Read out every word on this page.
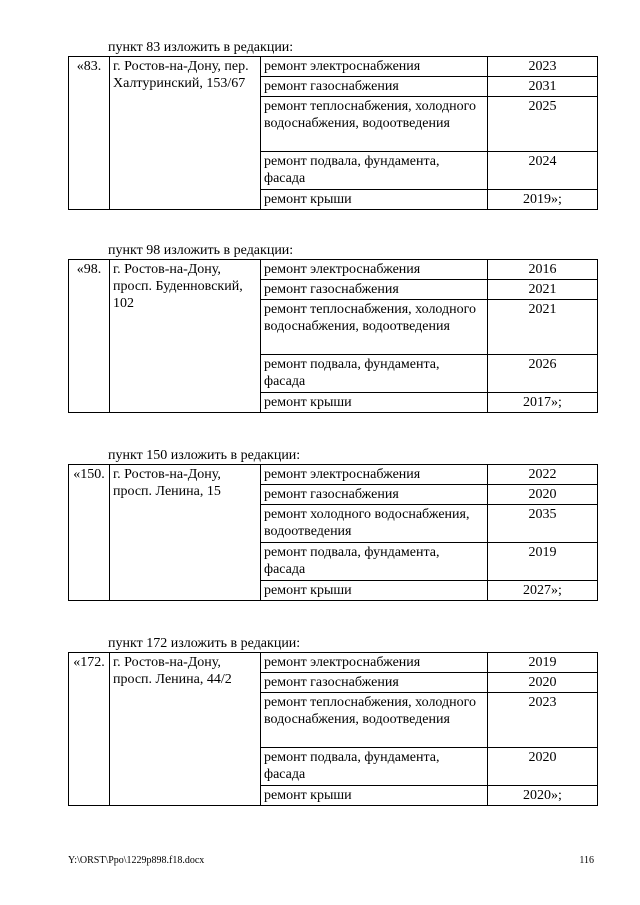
пункт 83 изложить в редакции:
«83.	г. Ростов-на-Дону, пер. Халтуринский, 153/67	ремонт электроснабжения	2023
		ремонт газоснабжения	2031
		ремонт теплоснабжения, холодного водоснабжения, водоотведения	2025
		ремонт подвала, фундамента, фасада	2024
		ремонт крыши	2019»;
пункт 98 изложить в редакции:
«98.	г. Ростов-на-Дону, просп. Буденновский, 102	ремонт электроснабжения	2016
		ремонт газоснабжения	2021
		ремонт теплоснабжения, холодного водоснабжения, водоотведения	2021
		ремонт подвала, фундамента, фасада	2026
		ремонт крыши	2017»;
пункт 150 изложить в редакции:
«150.	г. Ростов-на-Дону, просп. Ленина, 15	ремонт электроснабжения	2022
		ремонт газоснабжения	2020
		ремонт холодного водоснабжения, водоотведения	2035
		ремонт подвала, фундамента, фасада	2019
		ремонт крыши	2027»;
пункт 172 изложить в редакции:
«172.	г. Ростов-на-Дону, просп. Ленина, 44/2	ремонт электроснабжения	2019
		ремонт газоснабжения	2020
		ремонт теплоснабжения, холодного водоснабжения, водоотведения	2023
		ремонт подвала, фундамента, фасада	2020
		ремонт крыши	2020»;
Y:\ORST\Ppo\1229p898.f18.docx	116
